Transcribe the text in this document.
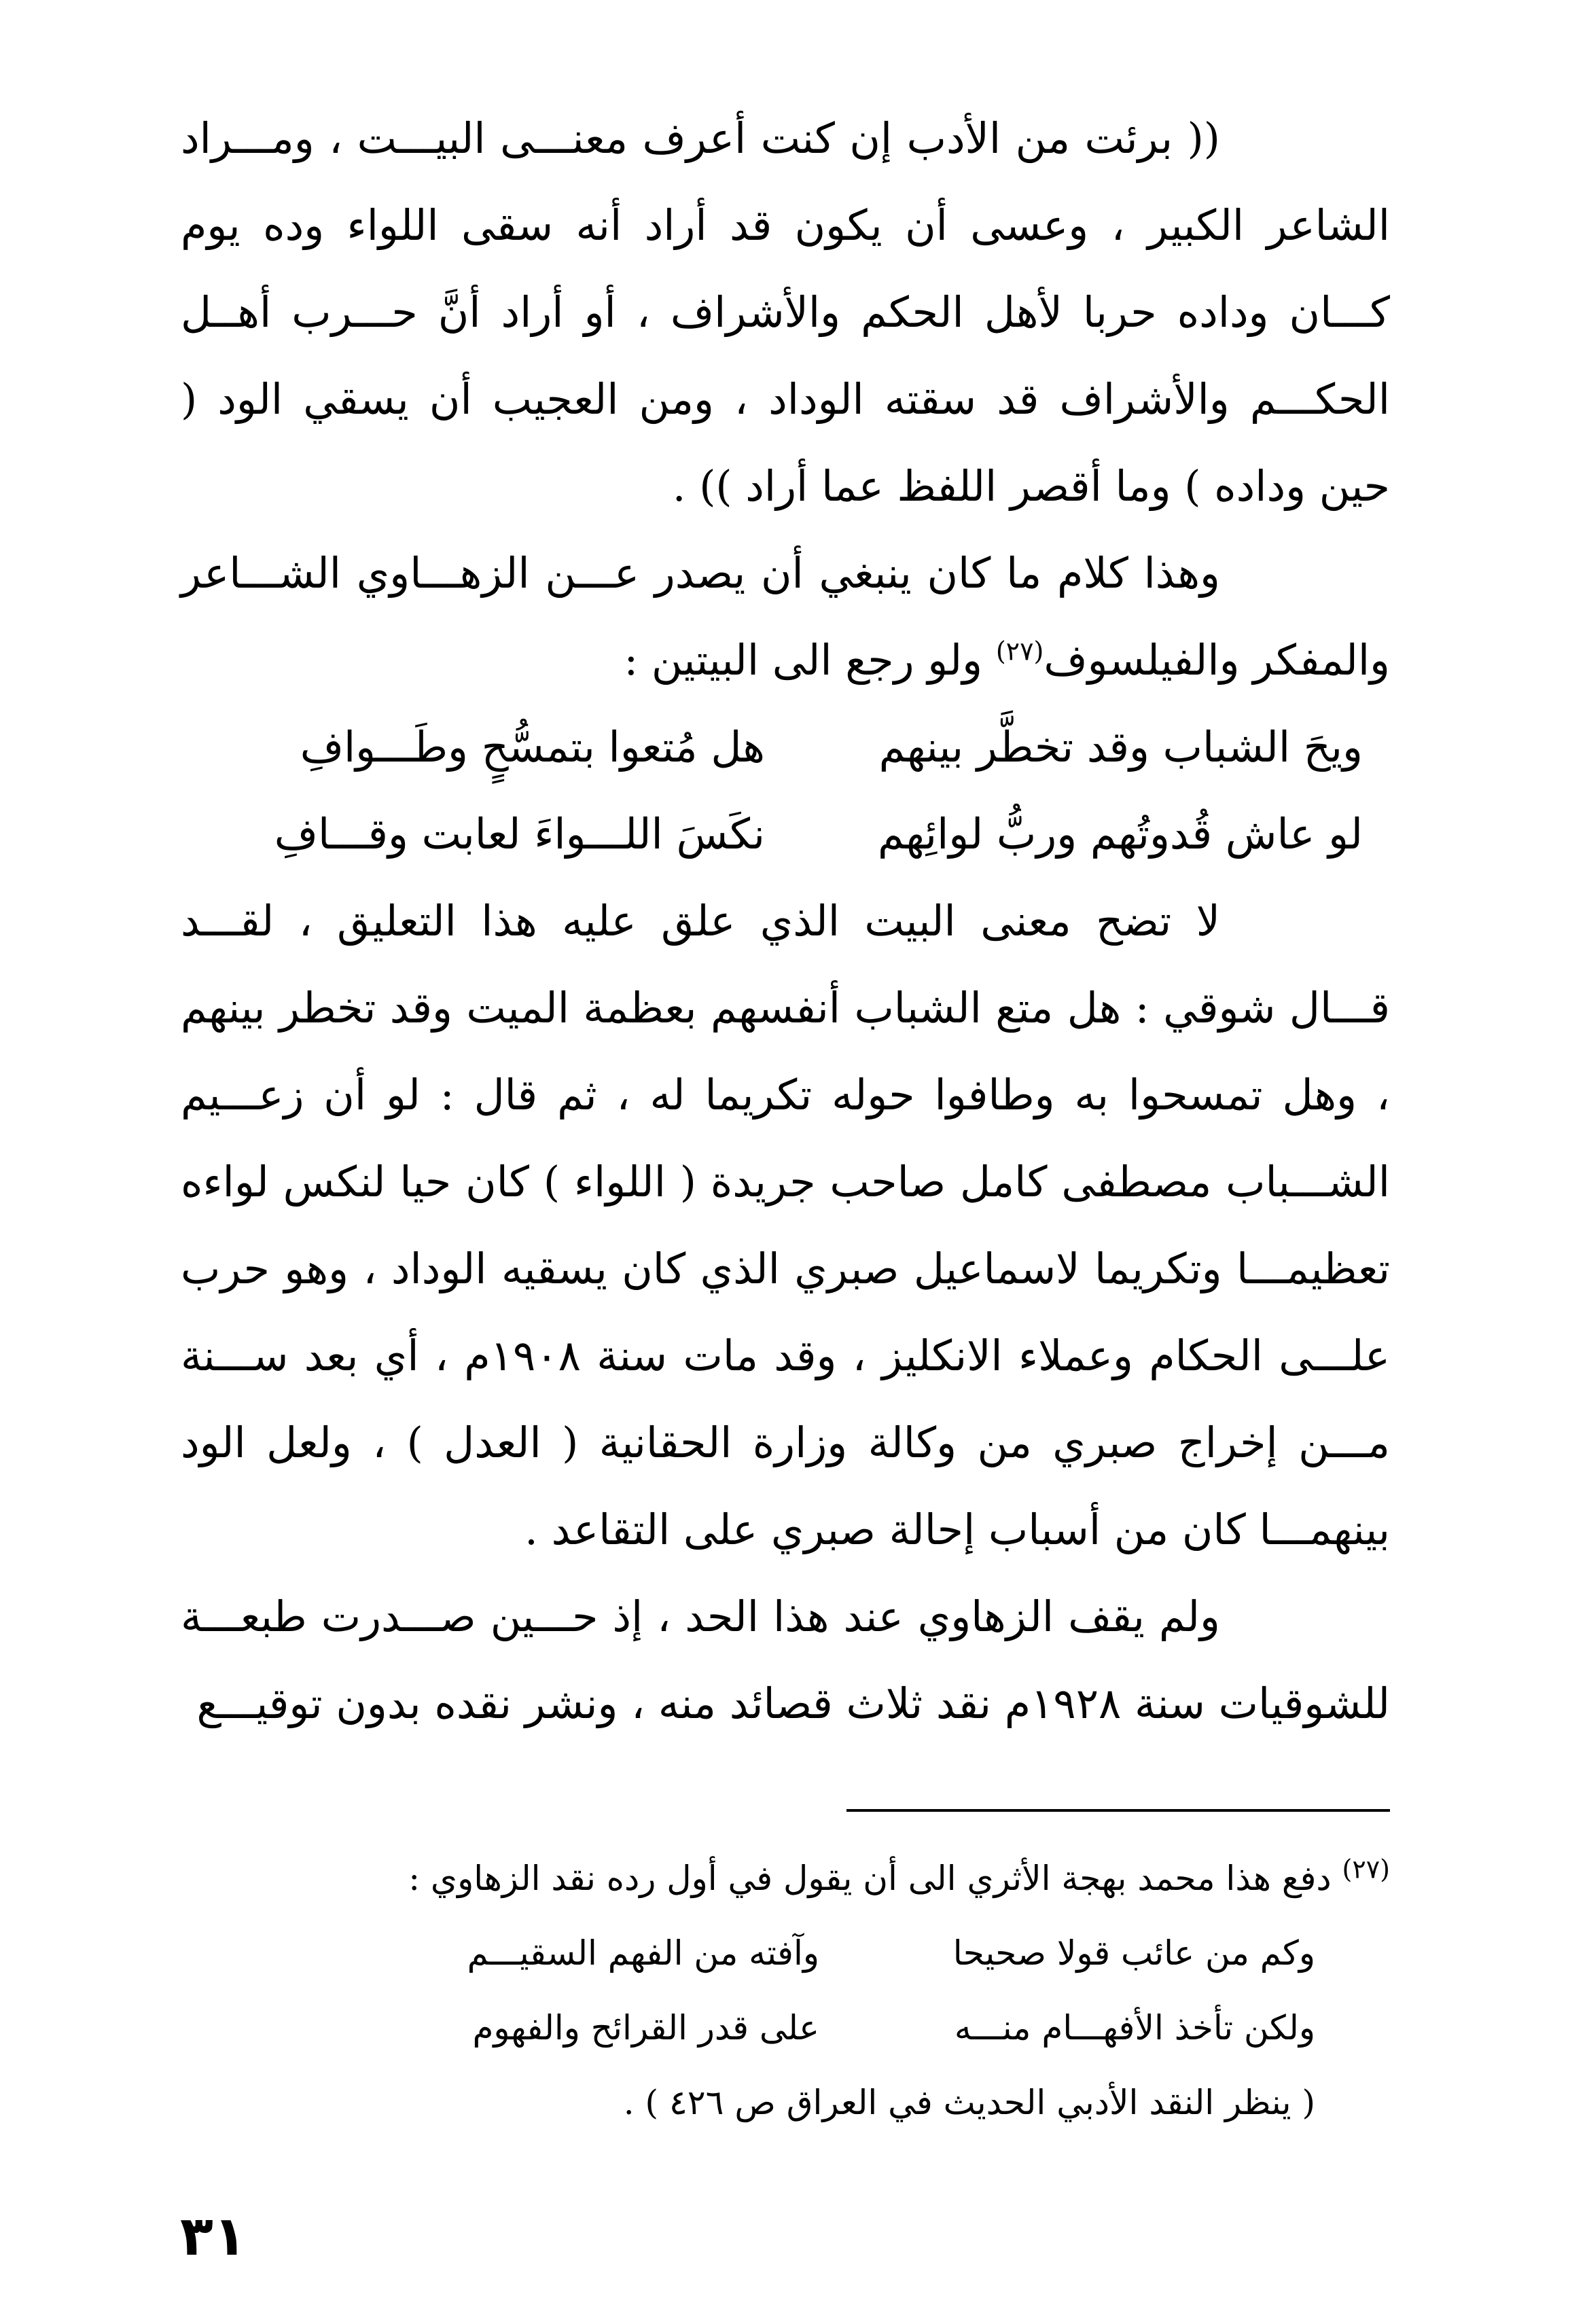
(( برئت من الأدب إن كنت أعرف معنـــى البيـــت ، ومـــراد الشاعر الكبير ، وعسى أن يكون قد أراد أنه سقى اللواء وده يوم كـــان وداده حربا لأهل الحكم والأشراف ، أو أراد أنَّ حـــرب أهــل الحكـــم والأشراف قد سقته الوداد ، ومن العجيب أن يسقي الود ( حين وداده ) وما أقصر اللفظ عما أراد )) .

وهذا كلام ما كان ينبغي أن يصدر عـــن الزهـــاوي الشـــاعر والمفكر والفيلسوف$^{(٢٧)}$ ولو رجع الى البيتين :

ويحَ الشباب وقد تخطَّر بينهم
هل مُتعوا بتمسُّحٍ وطَـــوافِ
لو عاش قُدوتُهم وربُّ لوائِهم
نكَسَ اللـــواءَ لعابت وقـــافِ

لا تضح معنى البيت الذي علق عليه هذا التعليق ، لقـــد قـــال شوقي : هل متع الشباب أنفسهم بعظمة الميت وقد تخطر بينهم ، وهل تمسحوا به وطافوا حوله تكريما له ، ثم قال : لو أن زعـــيم الشـــباب مصطفى كامل صاحب جريدة ( اللواء ) كان حيا لنكس لواءه تعظيمـــا وتكريما لاسماعيل صبري الذي كان يسقيه الوداد ، وهو حرب علـــى الحكام وعملاء الانكليز ، وقد مات سنة ١٩٠٨م ، أي بعد ســـنة مـــن إخراج صبري من وكالة وزارة الحقانية ( العدل ) ، ولعل الود بينهمـــا كان من أسباب إحالة صبري على التقاعد .

ولم يقف الزهاوي عند هذا الحد ، إذ حـــين صـــدرت طبعـــة للشوقيات سنة ١٩٢٨م نقد ثلاث قصائد منه ، ونشر نقده بدون توقيـــع

$^{(٢٧)}$ دفع هذا محمد بهجة الأثري الى أن يقول في أول رده نقد الزهاوي :

وكم من عائب قولا صحيحا
وآفته من الفهم السقيـــم
ولكن تأخذ الأفهـــام منـــه
على قدر القرائح والفهوم

( ينظر النقد الأدبي الحديث في العراق ص ٤٢٦ ) .

٣١
